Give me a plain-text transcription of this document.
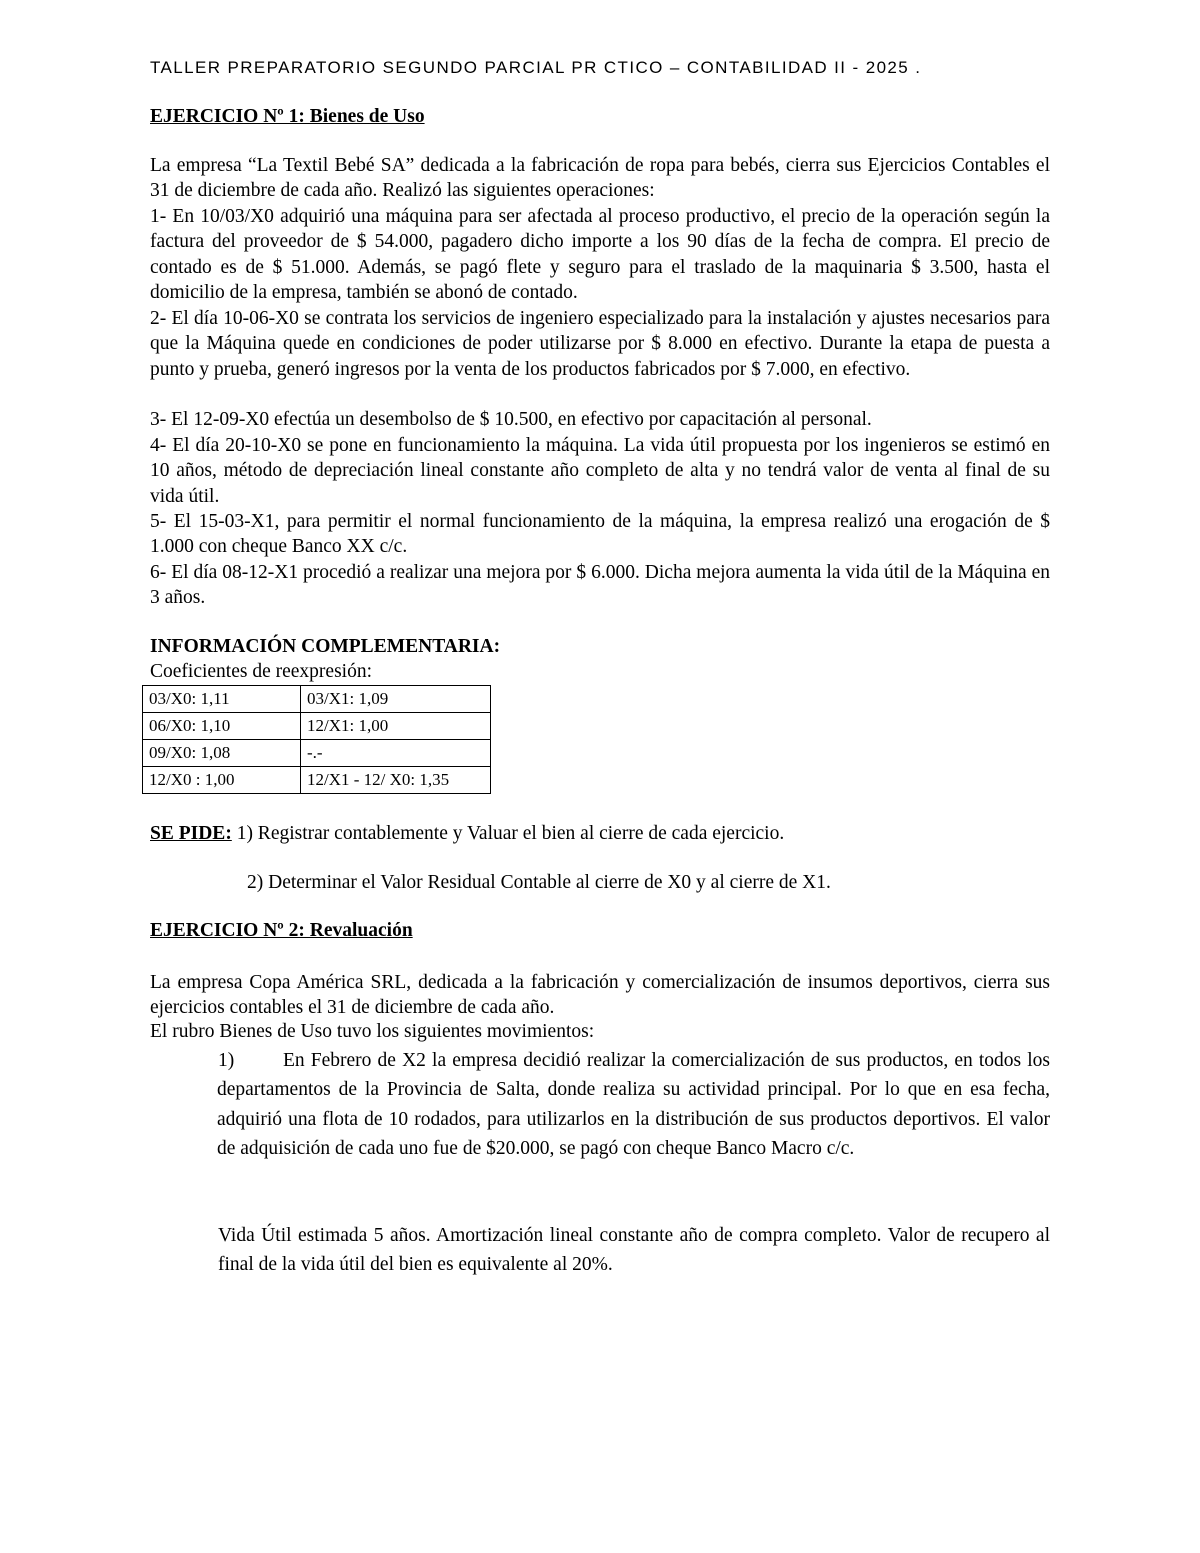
TALLER PREPARATORIO SEGUNDO PARCIAL PR CTICO – CONTABILIDAD II - 2025 .
EJERCICIO Nº 1: Bienes de Uso
La empresa “La Textil Bebé SA” dedicada a la fabricación de ropa para bebés, cierra sus Ejercicios Contables el 31 de diciembre de cada año. Realizó las siguientes operaciones:
1- En 10/03/X0 adquirió una máquina para ser afectada al proceso productivo, el precio de la operación según la factura del proveedor de $ 54.000, pagadero dicho importe a los 90 días de la fecha de compra. El precio de contado es de $ 51.000. Además, se pagó flete y seguro para el traslado de la maquinaria $ 3.500, hasta el domicilio de la empresa, también se abonó de contado.
2- El día 10-06-X0 se contrata los servicios de ingeniero especializado para la instalación y ajustes necesarios para que la Máquina quede en condiciones de poder utilizarse por $ 8.000 en efectivo. Durante la etapa de puesta a punto y prueba, generó ingresos por la venta de los productos fabricados por $ 7.000, en efectivo.
3- El 12-09-X0 efectúa un desembolso de $ 10.500, en efectivo por capacitación al personal.
4- El día 20-10-X0 se pone en funcionamiento la máquina. La vida útil propuesta por los ingenieros se estimó en 10 años, método de depreciación lineal constante año completo de alta y no tendrá valor de venta al final de su vida útil.
5- El 15-03-X1, para permitir el normal funcionamiento de la máquina, la empresa realizó una erogación de $ 1.000 con cheque Banco XX c/c.
6- El día 08-12-X1 procedió a realizar una mejora por $ 6.000. Dicha mejora aumenta la vida útil de la Máquina en 3 años.
INFORMACIÓN COMPLEMENTARIA:
Coeficientes de reexpresión:
03/X0: 1,11	03/X1: 1,09
06/X0: 1,10	12/X1: 1,00
09/X0: 1,08	-.-
12/X0 : 1,00	12/X1 - 12/ X0: 1,35
SE PIDE: 1) Registrar contablemente y Valuar el bien al cierre de cada ejercicio.
2) Determinar el Valor Residual Contable al cierre de X0 y al cierre de X1.
EJERCICIO Nº 2: Revaluación
La empresa Copa América SRL, dedicada a la fabricación y comercialización de insumos deportivos, cierra sus ejercicios contables el 31 de diciembre de cada año.
El rubro Bienes de Uso tuvo los siguientes movimientos:
1)	En Febrero de X2 la empresa decidió realizar la comercialización de sus productos, en todos los departamentos de la Provincia de Salta, donde realiza su actividad principal. Por lo que en esa fecha, adquirió una flota de 10 rodados, para utilizarlos en la distribución de sus productos deportivos. El valor de adquisición de cada uno fue de $20.000, se pagó con cheque Banco Macro c/c.
Vida Útil estimada 5 años. Amortización lineal constante año de compra completo. Valor de recupero al final de la vida útil del bien es equivalente al 20%.
